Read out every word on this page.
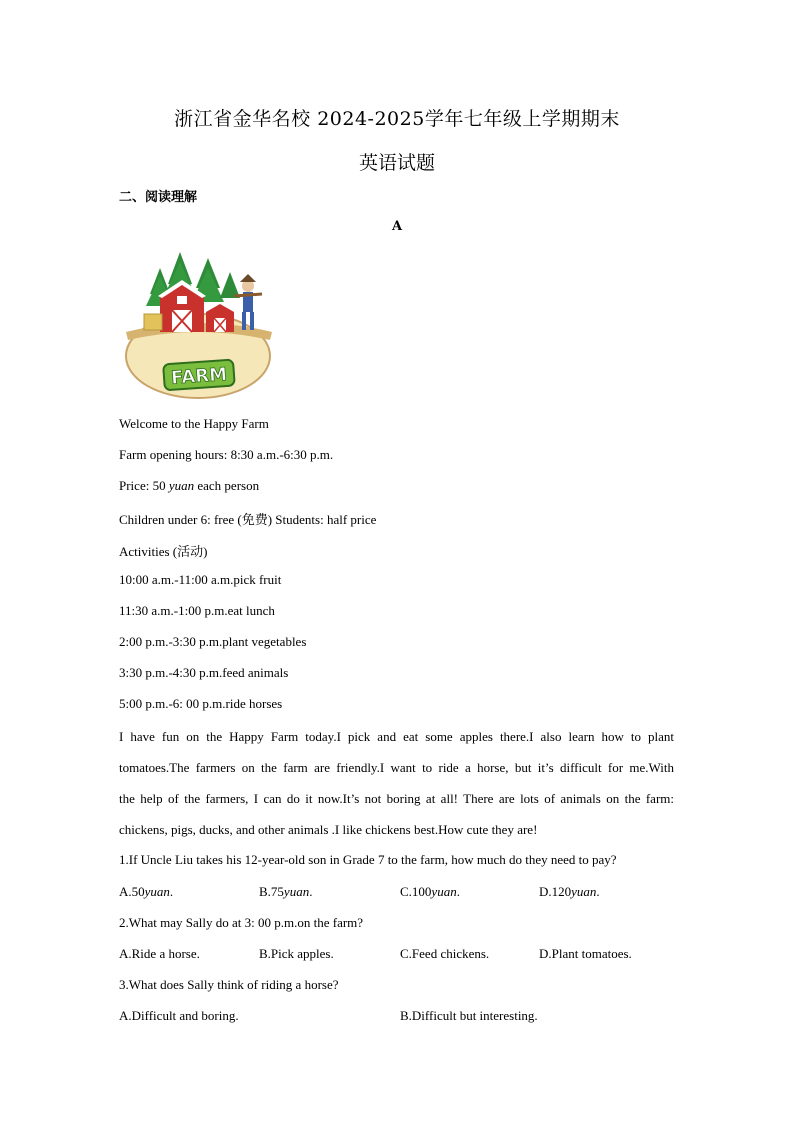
浙江省金华名校 2024-2025学年七年级上学期期末
英语试题
二、阅读理解
A
FARM
Welcome to the Happy Farm
Farm opening hours: 8:30 a.m.-6:30 p.m.
Price: 50 yuan each person
Children under 6: free (免费) Students: half price
Activities (活动)
10:00 a.m.-11:00 a.m.pick fruit
11:30 a.m.-1:00 p.m.eat lunch
2:00 p.m.-3:30 p.m.plant vegetables
3:30 p.m.-4:30 p.m.feed animals
5:00 p.m.-6: 00 p.m.ride horses
I have fun on the Happy Farm today.I pick and eat some apples there.I also learn how to plant
tomatoes.The farmers on the farm are friendly.I want to ride a horse, but it’s difficult for me.With
the help of the farmers, I can do it now.It’s not boring at all! There are lots of animals on the farm:
chickens, pigs, ducks, and other animals .I like chickens best.How cute they are!
1.If Uncle Liu takes his 12-year-old son in Grade 7 to the farm, how much do they need to pay?
A.50yuan.	B.75yuan.	C.100yuan.	D.120yuan.
2.What may Sally do at 3: 00 p.m.on the farm?
A.Ride a horse.	B.Pick apples.	C.Feed chickens.	D.Plant tomatoes.
3.What does Sally think of riding a horse?
A.Difficult and boring.	B.Difficult but interesting.
